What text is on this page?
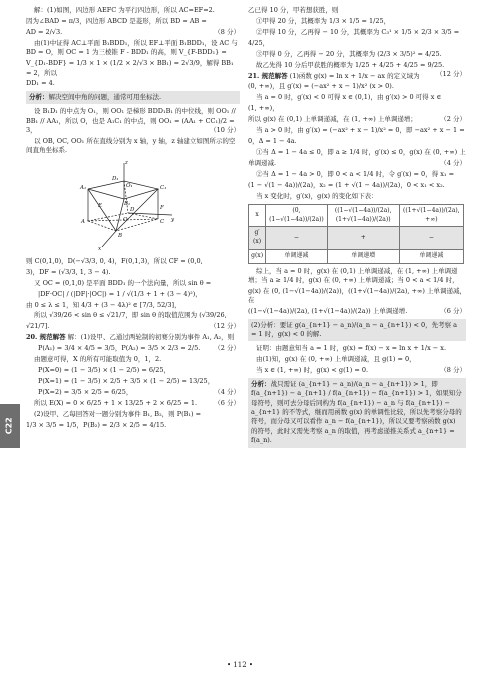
解：(1)如图，四边形 AEFC 为平行四边形，所以 AC=EF=2.

因为∠BAD = π/3，四边形 ABCD 是菱形，所以 BD = AB =

AD = 2/√3.	（8 分）

由(1)中证得 AC⊥平面 B₁BDD₁，所以 EF⊥平面 B₁BDD₁，设 AC 与 BD = O，则 OC = 1 为三棱锥 F - BDD₁ 的高，则 V_{F-BDD₁} =

V_{D₁-BDF} = 1/3 × 1 × (1/2 × 2/√3 × BB₁) = 2√3/9，解得 BB₁ = 2，所以

DD₁ = 4.

分析：解决空间中角的问题，通常可用坐标法.

设 B₁D₁ 的中点为 O₁，则 OO₁ 是梯形 BDD₁B₁ 的中位线，则 OO₁ // BB₁ // AA₁，所以 O，也是 A₁C₁ 的中点，则 OO₁ = (AA₁ + CC₁)/2 = 3，	（10 分）

以 OB, OC, OO₁ 所在直线分别为 x 轴，y 轴，z 轴建立如图所示的空间直角坐标系.

z
A₁	C₁
O₁
B₁
D₁
E	F
A	O	C
D
B
x
y

则 C(0,1,0)，D(−√3/3, 0, 4)，F(0,1,3)，所以 CF = (0,0,

3)，DF = (√3/3, 1, 3 − 4).

又 OC = (0,1,0) 是平面 BDD₁ 的一个法向量，所以 sin θ =

|DF·OC| / (|DF|·|OC|) = 1 / √(1/3 + 1 + (3 − 4)²)，

由 0 ≤ λ ≤ 1，知 4/3 + (3 − 4λ)² ∈ [7/3, 52/3]，

所以 √39/26 < sin θ ≤ √21/7，即 sin θ 的取值范围为 (√39/26,

√21/7].	（12 分）

20. 规范解答 解：(1)设甲、乙通过两轮制的初赛分别为事件 A₁, A₂，则

P(A₁) = 3/4 × 4/5 = 3/5，P(A₂) = 3/5 × 2/3 = 2/5. （2 分）

由题意可得，X 的所有可能取值为 0，1，2.

P(X=0) = (1 − 3/5) × (1 − 2/5) = 6/25，

P(X=1) = (1 − 3/5) × 2/5 + 3/5 × (1 − 2/5) = 13/25，

P(X=2) = 3/5 × 2/5 = 6/25，	（4 分）

所以 E(X) = 0 × 6/25 + 1 × 13/25 + 2 × 6/25 = 1.	（6 分）

(2)设甲、乙每回答对一题分别为事件 B₁, B₂，则 P(B₁) =

1/3 × 3/5 = 1/5，P(B₂) = 2/3 × 2/5 = 4/15.

乙已得 10 分，甲若想获胜，则

①甲得 20 分，其概率为 1/3 × 1/5 = 1/25，

②甲得 10 分，乙再得 − 10 分，其概率为 C₃¹ × 1/5 × 2/3 × 3/5 =

4/25，

③甲得 0 分，乙再得 − 20 分，其概率为 (2/3 × 3/5)² = 4/25.

故乙先得 10 分后甲获胜的概率为 1/25 + 4/25 + 4/25 = 9/25.
（12 分）

21. 规范解答 (1)函数 g(x) = ln x + 1/x − ax 的定义域为

(0, +∞)，且 g′(x) = (−ax² + x − 1)/x² (x > 0).

当 a = 0 时，g′(x) < 0 可得 x ∈ (0,1)，由 g′(x) > 0 可得 x ∈

(1, +∞)，

所以 g(x) 在 (0,1) 上单调递减，在 (1, +∞) 上单调递增；	（2 分）

当 a > 0 时，由 g′(x) = (−ax² + x − 1)/x² = 0，即 −ax² + x − 1 =

0，Δ = 1 − 4a.

①当 Δ = 1 − 4a ≤ 0，即 a ≥ 1/4 时，g′(x) ≤ 0，g(x) 在 (0, +∞) 上

单调递减.	（4 分）

②当 Δ = 1 − 4a > 0，即 0 < a < 1/4 时，令 g′(x) = 0，得 x₁ =

(1 − √(1 − 4a))/(2a)，x₂ = (1 + √(1 − 4a))/(2a)，0 < x₁ < x₂.

当 x 变化时，g′(x)，g(x) 的变化如下表：

x	(0, (1−√(1−4a))/(2a))	((1−√(1−4a))/(2a), (1+√(1−4a))/(2a))	((1+√(1−4a))/(2a), +∞)
g′(x)	−	+	−
g(x)	单调递减	单调递增	单调递减

综上，当 a = 0 时，g(x) 在 (0,1) 上单调递减，在 (1, +∞) 上单调递增；当 a ≥ 1/4 时，g(x) 在 (0, +∞) 上单调递减；当 0 < a < 1/4 时，

g(x) 在 (0, (1−√(1−4a))/(2a))，((1+√(1−4a))/(2a), +∞) 上单调递减，在

((1−√(1−4a))/(2a), (1+√(1−4a))/(2a)) 上单调递增.	（6 分）

(2)分析：要证 g(a_{n+1} − a_n)/(a_n − a_{n+1}) < 0，先考察 a = 1 时，g(x) < 0 的解.

证明：由题意知当 a = 1 时，g(x) = f(x) − x = ln x + 1/x − x.

由(1)知，g(x) 在 (0, +∞) 上单调递减，且 g(1) = 0，

当 x ∈ (1, +∞) 时，g(x) < g(1) = 0.	（8 分）

分析：战只需证 (a_{n+1} − a_n)/(a_n − a_{n+1}) > 1，即 f(a_{n+1}) − a_{n+1} / f(a_{n+1}) − f(a_{n+1}) > 1，如果知分母符号，则可去分母后同构为 f(a_{n+1}) − a_n 与 f(a_{n+1}) − a_{n+1} 的不等式，继而用函数 g(x) 的单调性比较，所以先考察分母的符号，而分母又可以看作 a_n − f(a_{n+1})，所以又要考察函数 g(x) 的符号，此时又需先考察 a_n 的取值，再考虑递推关系式 a_{n+1} = f(a_n).
C22
• 112 •
